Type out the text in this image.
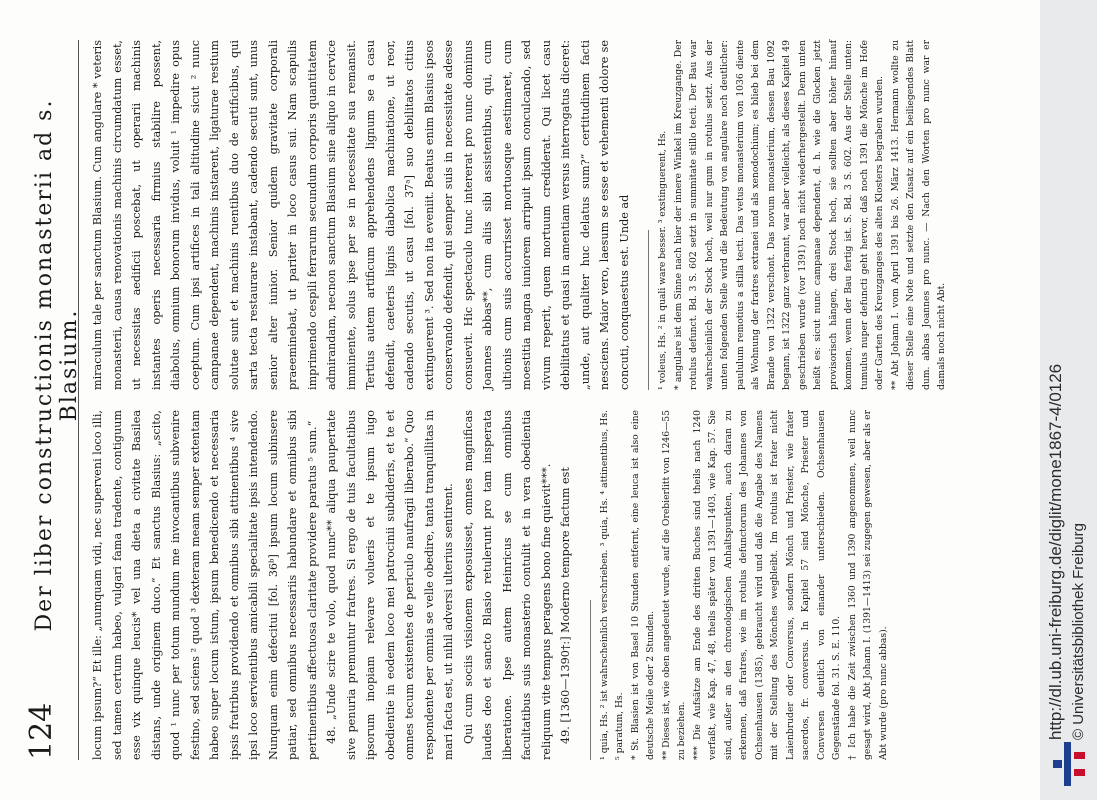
124
Der liber constructionis monasterii ad s. Blasium.

locum ipsum?“ Et ille: „numquam vidi, nec supervenі loco illi, sed tamen certum habeo, vulgari fama tradente, contiguum esse vix quinque leucis* vel una dieta a civitate Basilea distans, unde originem duco.“ Et sanctus Blasius: „scito, quod ¹ nunc per totum mundum me invocantibus subvenire festino, sed sciens ² quod ³ dexteram meam semper extentam habeo super locum istum, ipsum benedicendo et necessaria ipsis fratribus providendo et omnibus sibi attinentibus ⁴ sive ipsi loco servientibus amicabili specialitate ipsis intendendo. Nunquam enim defecitui [fol. 36ᵇ] ipsum locum subinsere patiar, sed omnibus necessariis habundare et omnibus sibi pertinentibus affectuosa claritate providere paratus ⁵ sum.“ 48. „Unde scire te volo, quod nunc** aliqua paupertate sive penuria premuntur fratres. Si ergo de tuis facultatibus ipsorum inopiam relevare volueris et te ipsum iugo obedientie in eodem loco mei patrocinii subdideris, et te et omnes tecum existentes de periculo naufragii liberabo.“ Quo respondente per omnia se velle obedire, tanta tranquillitas in mari facta est, ut nihil adversi ulterius sentirent. Qui cum sociis visionem exposuisset, omnes magnificas laudes deo et sancto Blasio retulerunt pro tam insperata liberatione. Ipse autem Heinricus se cum omnibus facultatibus suis monasterio contulit et in vera obedientia reliquum vite tempus peragens bono fine quievit***. 49. [1360—1390†:] Moderno tempore factum est	¹ quia, Hs. ² ist wahrscheinlich verschrieben. ³ quia, Hs. ⁴ attinentibus, Hs. ⁵ paratum, Hs. * St. Blasien ist von Basel 10 Stunden entfernt, eine leuca ist also eine deutsche Meile oder 2 Stunden. ** Dieses ist, wie oben angedeutet wurde, auf die Orebierlitt von 1246—55 zu beziehen. *** Die Aufsätze am Ende des dritten Buches sind theils nach 1240 verfaßt, wie Kap. 47, 48, theils später von 1391—1403, wie Kap. 57. Sie sind, außer an den chronologischen Anhaltspunkten, auch daran zu erkennen, daß fratres, wie im rotulus defunctorum des Johannes von Ochsenhausen (1385), gebraucht wird und daß die Angabe des Namens mit der Stellung des Mönches wegbleibt. Im rotulus ist frater nicht Laienbruder oder Conversus, sondern Mönch und Priester, wie frater sacerdos, fr. conversus. In Kapitel 57 sind Mönche, Priester und Conversen deutlich von einander unterschieden. Ochsenhausen Gegenstände fol. 31. S. E. 110. † Ich habe die Zeit zwischen 1360 und 1390 angenommen, weil nunc gesagt wird, Abt Johann I. (1391—1413) sei zugegen gewesen, aber als er Abt wurde (pro nunc abbas).

miraculum tale per sanctum Blasium. Cum angulare * veteris monasterii, causa renovationis machinis circumdatum esset, ut necessitas aedificii poscebat, ut operarii machinis instantes operis necessaria firmius stabilire possent, diabolus, omnium bonorum invidus, voluit ¹ impedire opus coeptum. Cum ipsi artifices in tali altitudine sicut ² nunc campanae dependent, machinis instarent, ligaturae restium solutae sunt et machinis ruentibus duo de artificibus, qui sarta tecta restaurare instabant, cadendo secuti sunt, unus senior alter iunior. Senior quidem gravitate corporali praeeminebat, ut pariter in loco casus sui. Nam scapulis imprimendo cespili ferrarum secundum corporis quantitatem admirandam, necnon sanctum Blasium sine aliquo in cervice imminente, solus ipse per se in necessitate sua remansit. Tertius autem artificum apprehendens lignum se a casu defendit, caeteris lignis diabolica machinatione, ut reor, cadendo secutis, ut casu [fol. 37ᵃ] suo debilitatos citius extinguerent ³. Sed non ita eveniit. Beatus enim Blasius ipsos conservando defendit, qui semper suis in necessitate adesse consuevit. Hic spectaculo tunc intererat pro nunc dominus Joannes abbas**, cum aliis sibi assistentibus, qui, cum ultionis cum suis accurrisset mortuosque aestimaret, cum moestitia magna iuniorem arripuit ipsum conculcando, sed vivum reperit, quem mortuum crediderat. Qui licet casu debilitatus et quasi in amentiam versus interrogatus diceret: „unde, aut qualiter huc delatus sum?“ certitudinem facti nesciens. Maior vero, laesum se esse et vehementi dolore se concuti, conquaestus est. Unde ad	¹ voleus, Hs. ² in quali ware besser. ³ exstinguerent, Hs. * angulare ist dem Sinne nach hier der innere Winkel im Kreuzgange. Der rotulus defunct. Bd. 3 S. 602 setzt in summitate stillo tecti. Der Bau war wahrscheinlich der Stock hoch, weil nur gum in rotulus setzt. Aus der unten folgenden Stelle wird die Bedeutung von angulare noch deutlicher: paululum remotius a stilla tecti. Das vetus monasterium von 1036 diente als Wohnung der fratres extranei und als xenodochium; es blieb bei dem Brande von 1322 verschont. Das novum monasterium, dessen Bau 1092 begann, ist 1322 ganz verbrannt, war aber vielleicht, als dieses Kapitel 49 geschrieben wurde (vor 1391) noch nicht wiederhergestellt. Denn unten heißt es: sicut nunc campanae dependent, d. h. wie die Glocken jetzt provisorisch hängen, drei Stock hoch, sie sollten aber höher hinauf kommen, wenn der Bau fertig ist. S. Bd. 3 S. 602. Aus der Stelle unten: tumulus nuper defuncti geht hervor, daß noch 1391 die Mönche im Hofe oder Garten des Kreuzganges des alten Klosters begraben wurden. ** Abt Johann I. vom April 1391 bis 26. März 1413. Hermann wollte zu dieser Stelle eine Note und setzte den Zusatz auf ein beiliegendes Blatt dum. abbas Joannes pro nunc. — Nach den Worten pro nunc war er damals noch nicht Abt.

http://dl.ub.uni-freiburg.de/diglit/mone1867-4/0126 © Universitätsbibliothek Freiburg
